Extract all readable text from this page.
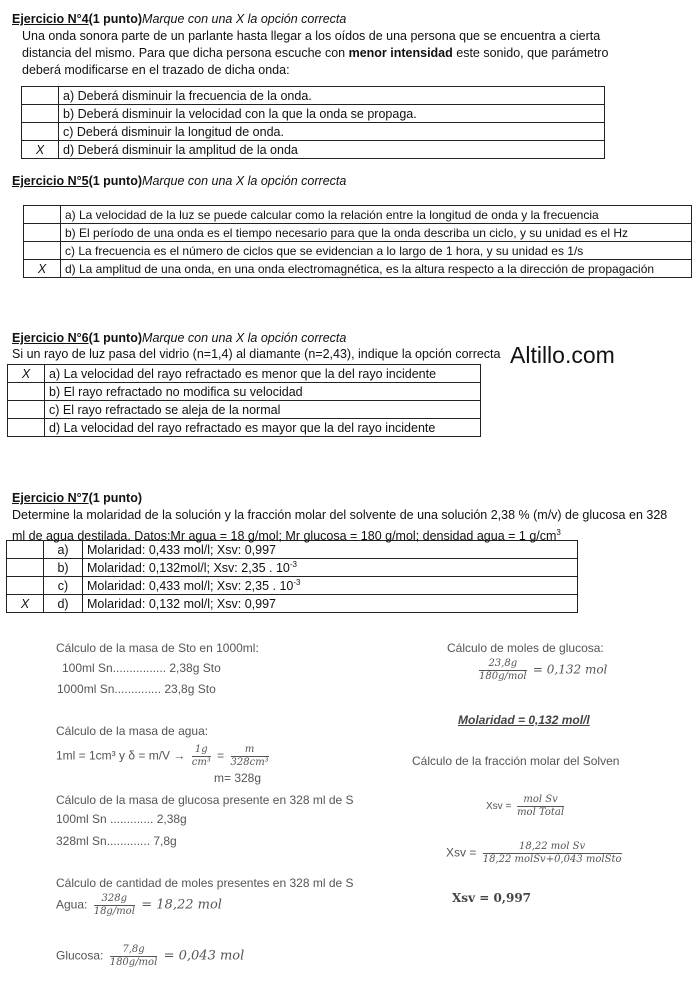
Ejercicio N°4(1 punto)Marque con una X la opción correcta
Una onda sonora parte de un parlante hasta llegar a los oídos de una persona que se encuentra a cierta
distancia del mismo. Para que dicha persona escuche con menor intensidad este sonido, que parámetro
deberá modificarse en el trazado de dicha onda:
	a) Deberá disminuir la frecuencia de la onda.
	b) Deberá disminuir la velocidad con la que la onda se propaga.
	c) Deberá disminuir la longitud de onda.
X	d) Deberá disminuir la amplitud de la onda
Ejercicio N°5(1 punto)Marque con una X la opción correcta
	a) La velocidad de la luz se puede calcular como la relación entre la longitud de onda y la frecuencia
	b) El período de una onda es el tiempo necesario para que la onda describa un ciclo, y su unidad es el Hz
	c) La frecuencia es el número de ciclos que se evidencian a lo largo de 1 hora, y su unidad es 1/s
X	d) La amplitud de una onda, en una onda electromagnética, es la altura respecto a la dirección de propagación
Ejercicio N°6(1 punto)Marque con una X la opción correcta
Si un rayo de luz pasa del vidrio (n=1,4) al diamante (n=2,43), indique la opción correcta Altillo.com
X	a) La velocidad del rayo refractado es menor que la del rayo incidente
	b) El rayo refractado no modifica su velocidad
	c) El rayo refractado se aleja de la normal
	d) La velocidad del rayo refractado es mayor que la del rayo incidente
Ejercicio N°7(1 punto)
Determine la molaridad de la solución y la fracción molar del solvente de una solución 2,38 % (m/v) de glucosa en 328
ml de agua destilada. Datos:Mr agua = 18 g/mol; Mr glucosa = 180 g/mol; densidad agua = 1 $g/cm^3$
	a)	Molaridad: 0,433 mol/l; Xsv: 0,997
	b)	Molaridad: 0,132mol/l; Xsv: 2,35 . $10^{-3}$
	c)	Molaridad: 0,433 mol/l; Xsv: 2,35 . $10^{-3}$
X	d)	Molaridad: 0,132 mol/l; Xsv: 0,997
Cálculo de la masa de Sto en 1000ml:
100ml Sn................ 2,38g Sto
1000ml Sn.............. 23,8g Sto
Cálculo de la masa de agua:
1ml = 1cm³ y $\delta = m/V \to \frac{1g}{\text{cm³}} = \frac{m}{\text{328cm³}}$
m= 328g
Cálculo de la masa de glucosa presente en 328 ml de S
100ml Sn ............. 2,38g
328ml Sn............. 7,8g
Cálculo de cantidad de moles presentes en 328 ml de S
Agua: $\frac{328g}{\text{18g/mol}} = 18,22$ mol
Glucosa: $\frac{7,8g}{\text{180g/mol}} = 0,043$ mol
Cálculo de moles de glucosa:
$\frac{23,8g}{\text{180g/mol}} = 0,132$ mol
Molaridad = 0,132 mol/l
Cálculo de la fracción molar del Solven
Xsv = $\frac{\text{mol Sv}}{\text{mol Total}}$
Xsv = $\frac{\text{18,22 mol Sv}}{\text{18,22 molSv+0,043 molSto}}$
Xsv = 0,997
